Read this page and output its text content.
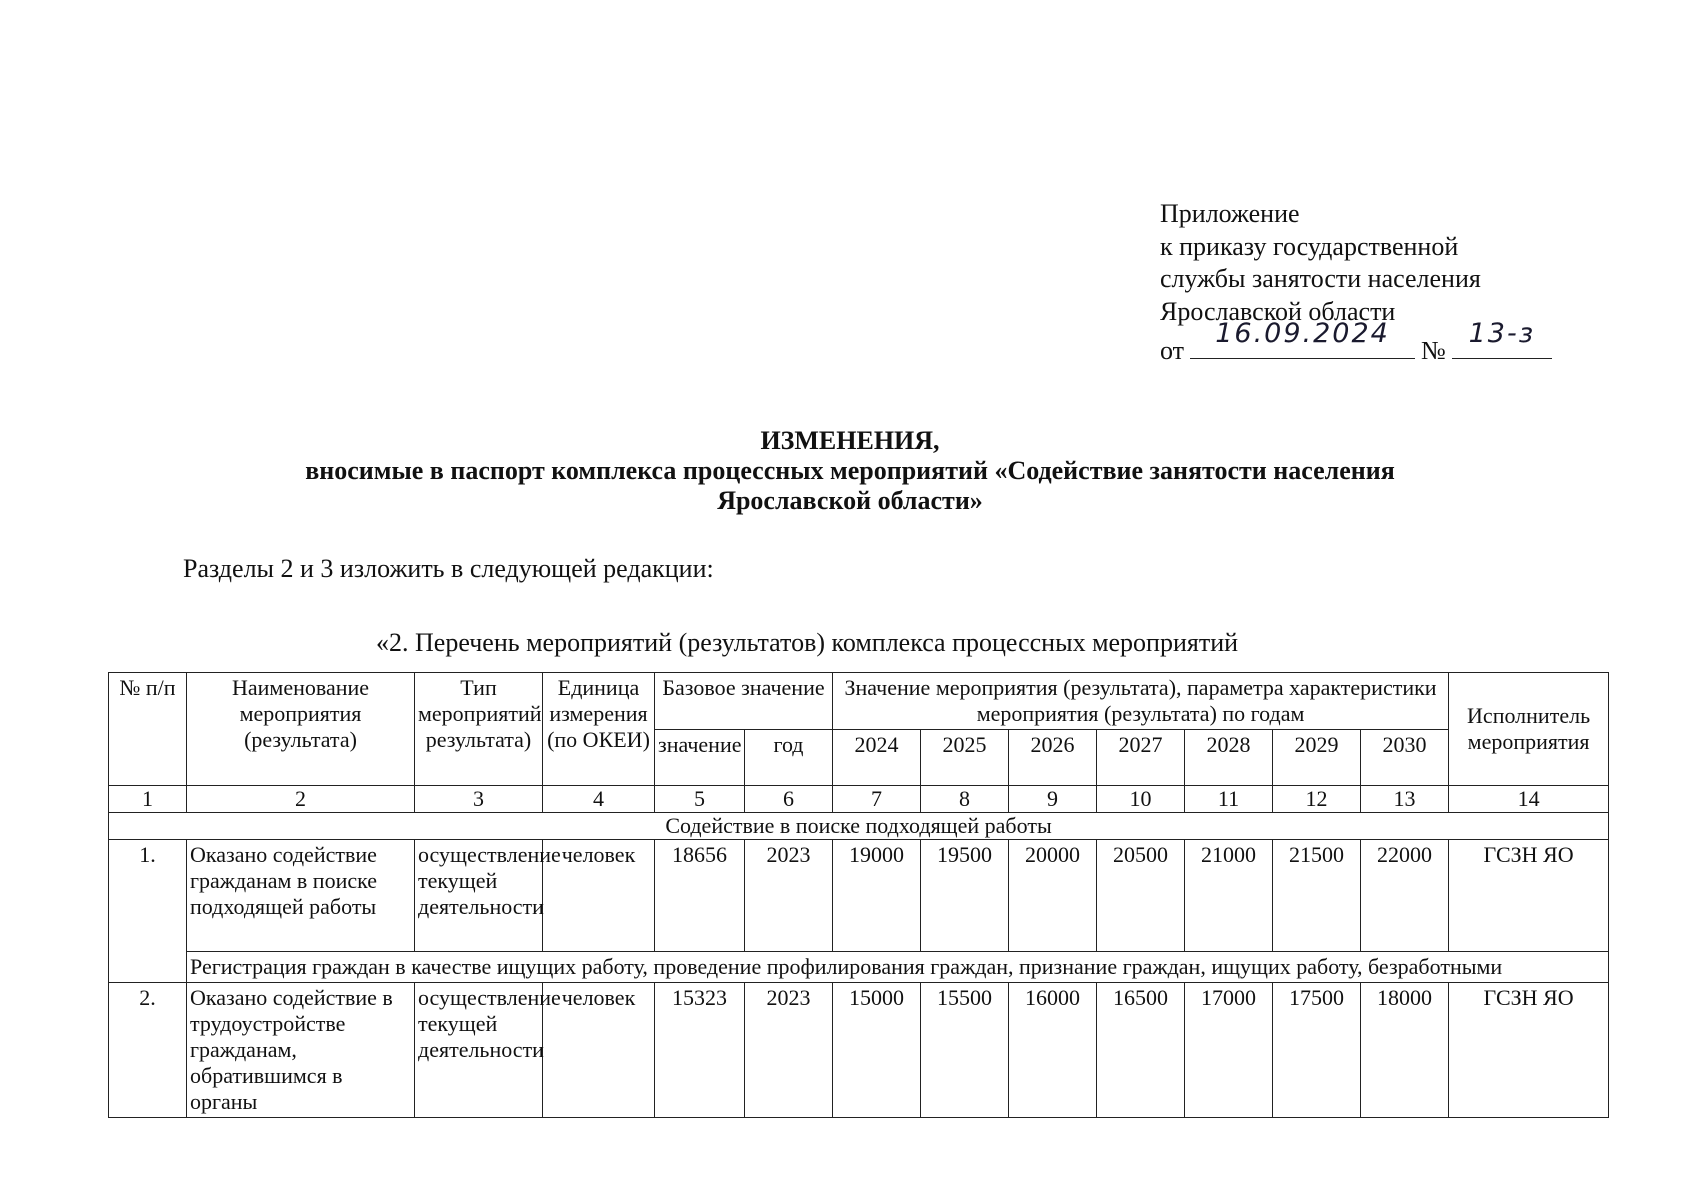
Приложение
к приказу государственной
службы занятости населения
Ярославской области
от
16.09.2024
№
13-з
ИЗМЕНЕНИЯ,
вносимые в паспорт комплекса процессных мероприятий «Содействие занятости населения
Ярославской области»
Разделы 2 и 3 изложить в следующей редакции:
«2. Перечень мероприятий (результатов) комплекса процессных мероприятий
№ п/п	Наименование мероприятия (результата)	Тип мероприятий результата)	Единица измерения (по ОКЕИ)	Базовое значение		Значение мероприятия (результата), параметра характеристики мероприятия (результата) по годам							Исполнитель мероприятия
				значение	год	2024	2025	2026	2027	2028	2029	2030	
1	2	3	4	5	6	7	8	9	10	11	12	13	14
Содействие в поиске подходящей работы													
1.	Оказано содействие гражданам в поиске подходящей работы	осуществление текущей деятельности	человек	18656	2023	19000	19500	20000	20500	21000	21500	22000	ГСЗН ЯО
	Регистрация граждан в качестве ищущих работу, проведение профилирования граждан, признание граждан, ищущих работу, безработными												
2.	Оказано содействие в трудоустройстве гражданам, обратившимся в органы	осуществление текущей деятельности	человек	15323	2023	15000	15500	16000	16500	17000	17500	18000	ГСЗН ЯО
